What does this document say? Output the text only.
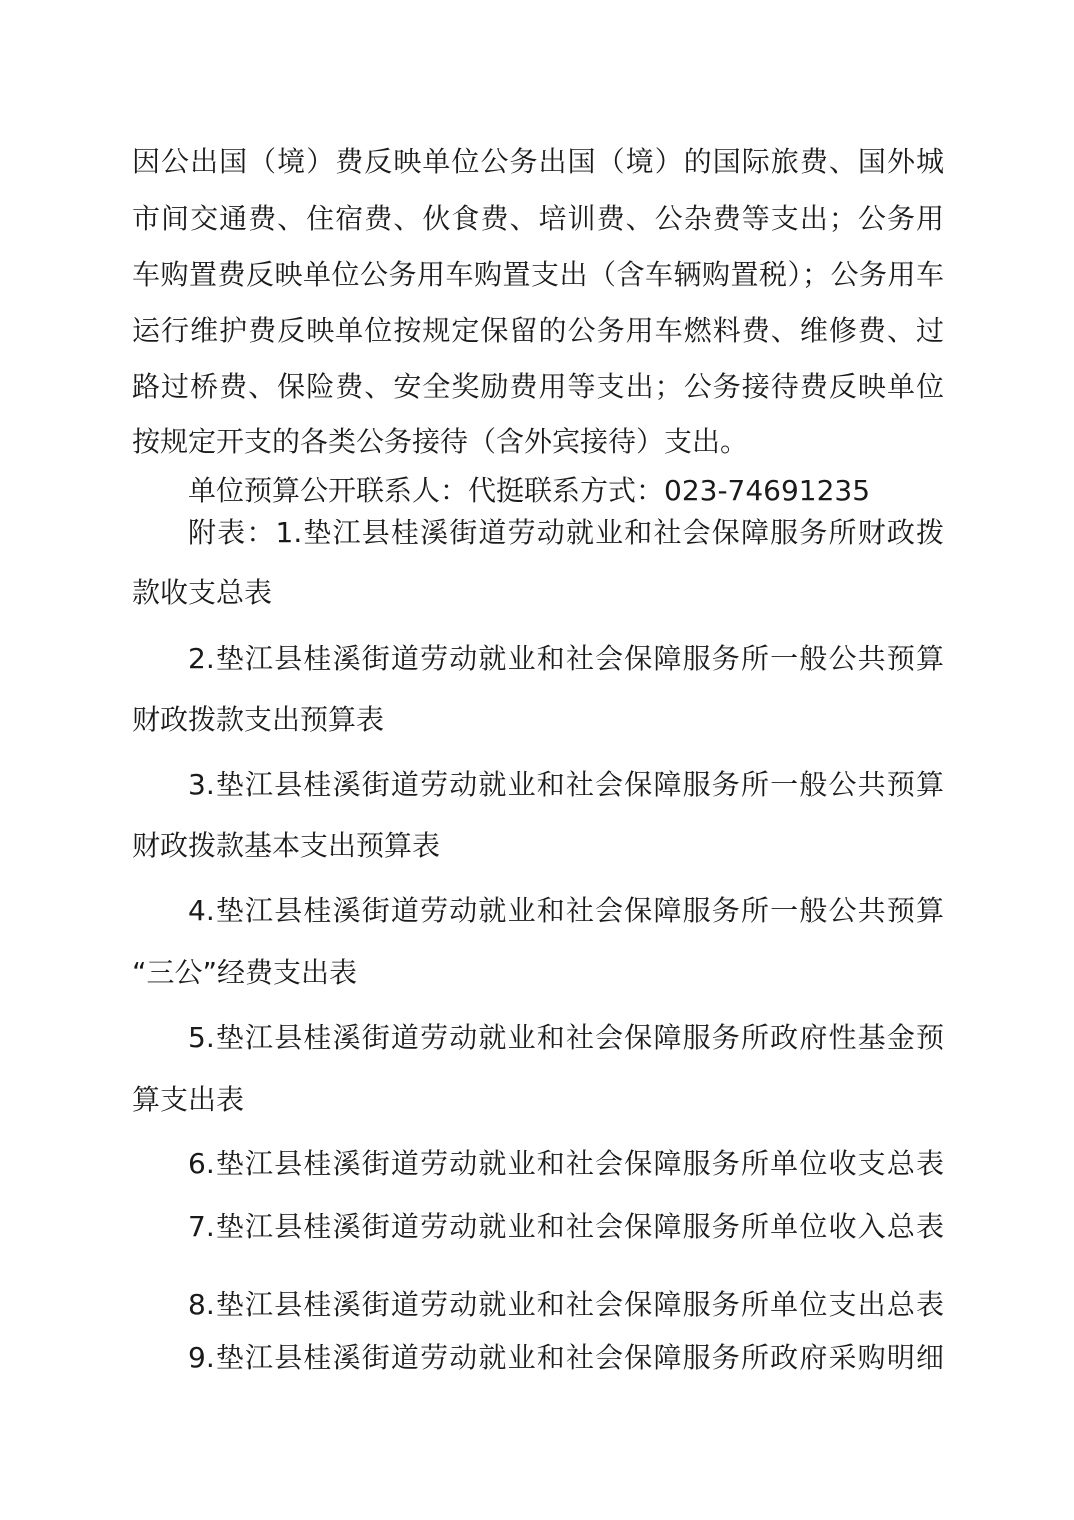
因公出国（境）费反映单位公务出国（境）的国际旅费、国外城
市间交通费、住宿费、伙食费、培训费、公杂费等支出；公务用
车购置费反映单位公务用车购置支出（含车辆购置税）；公务用车
运行维护费反映单位按规定保留的公务用车燃料费、维修费、过
路过桥费、保险费、安全奖励费用等支出；公务接待费反映单位
按规定开支的各类公务接待（含外宾接待）支出。
单位预算公开联系人：代挺联系方式：023-74691235
附表：1.垫江县桂溪街道劳动就业和社会保障服务所财政拨
款收支总表
2.垫江县桂溪街道劳动就业和社会保障服务所一般公共预算
财政拨款支出预算表
3.垫江县桂溪街道劳动就业和社会保障服务所一般公共预算
财政拨款基本支出预算表
4.垫江县桂溪街道劳动就业和社会保障服务所一般公共预算
“三公”经费支出表
5.垫江县桂溪街道劳动就业和社会保障服务所政府性基金预
算支出表
6.垫江县桂溪街道劳动就业和社会保障服务所单位收支总表
7.垫江县桂溪街道劳动就业和社会保障服务所单位收入总表
8.垫江县桂溪街道劳动就业和社会保障服务所单位支出总表
9.垫江县桂溪街道劳动就业和社会保障服务所政府采购明细
